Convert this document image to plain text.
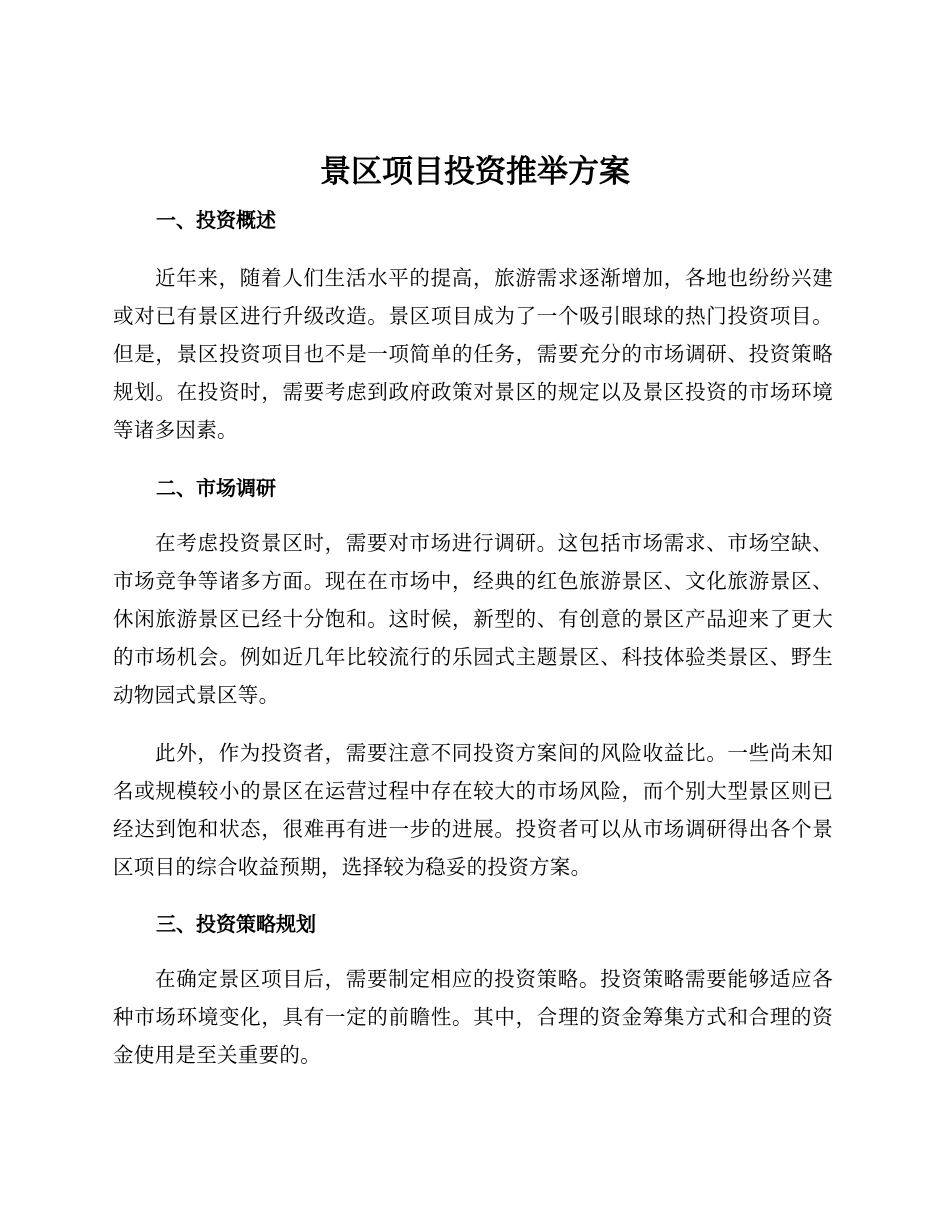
景区项目投资推举方案
一、投资概述

近年来，随着人们生活水平的提高，旅游需求逐渐增加，各地也纷纷兴建或对已有景区进行升级改造。景区项目成为了一个吸引眼球的热门投资项目。但是，景区投资项目也不是一项简单的任务，需要充分的市场调研、投资策略规划。在投资时，需要考虑到政府政策对景区的规定以及景区投资的市场环境等诸多因素。

二、市场调研

在考虑投资景区时，需要对市场进行调研。这包括市场需求、市场空缺、市场竞争等诸多方面。现在在市场中，经典的红色旅游景区、文化旅游景区、休闲旅游景区已经十分饱和。这时候，新型的、有创意的景区产品迎来了更大的市场机会。例如近几年比较流行的乐园式主题景区、科技体验类景区、野生动物园式景区等。

此外，作为投资者，需要注意不同投资方案间的风险收益比。一些尚未知名或规模较小的景区在运营过程中存在较大的市场风险，而个别大型景区则已经达到饱和状态，很难再有进一步的进展。投资者可以从市场调研得出各个景区项目的综合收益预期，选择较为稳妥的投资方案。

三、投资策略规划

在确定景区项目后，需要制定相应的投资策略。投资策略需要能够适应各种市场环境变化，具有一定的前瞻性。其中，合理的资金筹集方式和合理的资金使用是至关重要的。
